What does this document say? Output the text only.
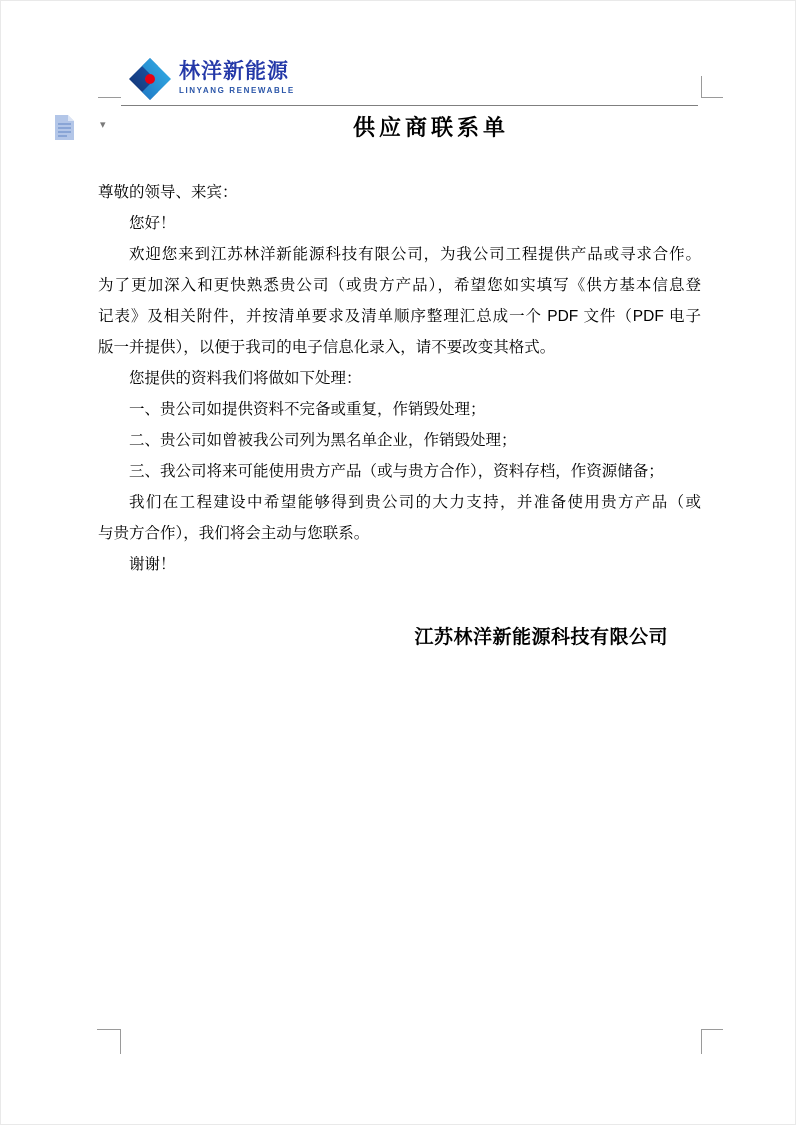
林洋新能源
LINYANG RENEWABLE
▾	供应商联系单
尊敬的领导、来宾：
您好！
欢迎您来到江苏林洋新能源科技有限公司，为我公司工程提供产品或寻求合作。
为了更加深入和更快熟悉贵公司（或贵方产品），希望您如实填写《供方基本信息登
记表》及相关附件，并按清单要求及清单顺序整理汇总成一个 PDF 文件（PDF 电子
版一并提供），以便于我司的电子信息化录入，请不要改变其格式。
您提供的资料我们将做如下处理：
一、贵公司如提供资料不完备或重复，作销毁处理；
二、贵公司如曾被我公司列为黑名单企业，作销毁处理；
三、我公司将来可能使用贵方产品（或与贵方合作），资料存档，作资源储备；
我们在工程建设中希望能够得到贵公司的大力支持，并准备使用贵方产品（或
与贵方合作），我们将会主动与您联系。
谢谢！
江苏林洋新能源科技有限公司
